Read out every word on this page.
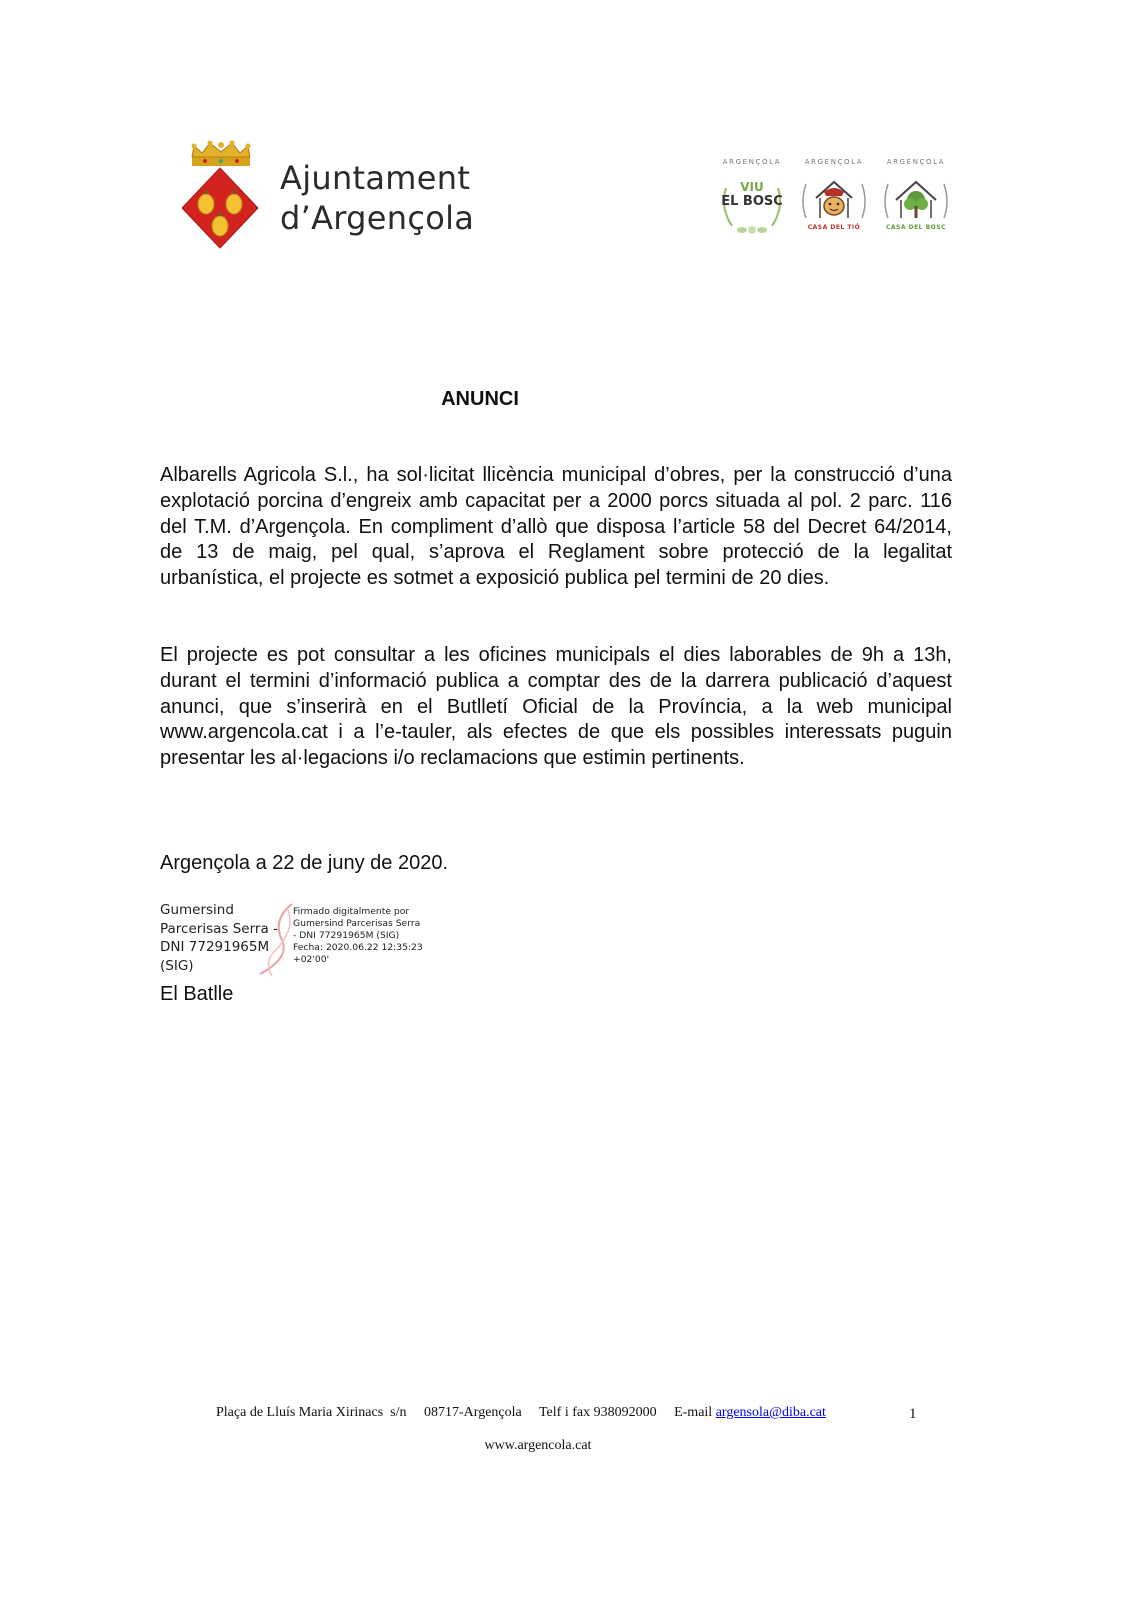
Ajuntament
d’Argençola
ARGENÇOLA
VIU
EL BOSC
ARGENÇOLA
CASA DEL TIÓ
ARGENÇOLA
CASA DEL BOSC
ANUNCI

Albarells Agricola S.l., ha sol·licitat llicència municipal d’obres, per la construcció d’una explotació porcina d’engreix amb capacitat per a 2000 porcs situada al pol. 2 parc. 116 del T.M. d’Argençola. En compliment d’allò que disposa l’article 58 del Decret 64/2014, de 13 de maig, pel qual, s’aprova el Reglament sobre protecció de la legalitat urbanística, el projecte es sotmet a exposició publica pel termini de 20 dies.

El projecte es pot consultar a les oficines municipals el dies laborables de 9h a 13h, durant el termini d’informació publica a comptar des de la darrera publicació d’aquest anunci, que s’inserirà en el Butlletí Oficial de la Província, a la web municipal www.argencola.cat i a l’e-tauler, als efectes de que els possibles interessats puguin presentar les al·legacions i/o reclamacions que estimin pertinents.

Argençola a 22 de juny de 2020.
Gumersind
Parcerisas Serra -
DNI 77291965M
(SIG)
Firmado digitalmente por
Gumersind Parcerisas Serra
- DNI 77291965M (SIG)
Fecha: 2020.06.22 12:35:23
+02'00'
El Batlle
Plaça de Lluís Maria Xirinacs  s/n 08717-Argençola Telf i fax 938092000 E-mail argensola@diba.cat	1
www.argencola.cat
